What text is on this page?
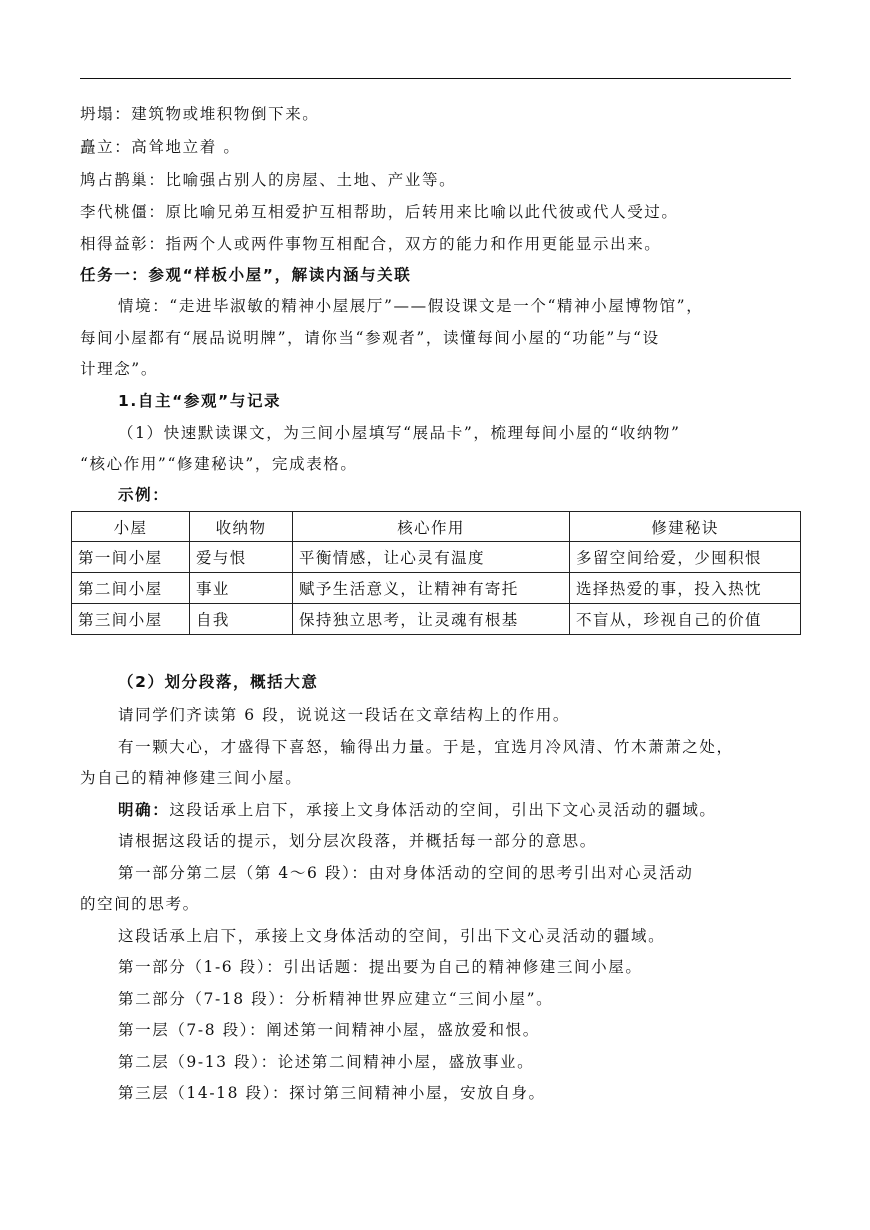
坍塌：建筑物或堆积物倒下来。
矗立：高耸地立着 。
鸠占鹊巢：比喻强占别人的房屋、土地、产业等。
李代桃僵：原比喻兄弟互相爱护互相帮助，后转用来比喻以此代彼或代人受过。
相得益彰：指两个人或两件事物互相配合，双方的能力和作用更能显示出来。
任务一：参观“样板小屋”，解读内涵与关联
情境：“走进毕淑敏的精神小屋展厅”——假设课文是一个“精神小屋博物馆”，
每间小屋都有“展品说明牌”，请你当“参观者”，读懂每间小屋的“功能”与“设
计理念”。
1.自主“参观”与记录
（1）快速默读课文，为三间小屋填写“展品卡”，梳理每间小屋的“收纳物”
“核心作用”“修建秘诀”，完成表格。
示例：
小屋	收纳物	核心作用	修建秘诀
第一间小屋	爱与恨	平衡情感，让心灵有温度	多留空间给爱，少囤积恨
第二间小屋	事业	赋予生活意义，让精神有寄托	选择热爱的事，投入热忱
第三间小屋	自我	保持独立思考，让灵魂有根基	不盲从，珍视自己的价值
（2）划分段落，概括大意
请同学们齐读第 6 段，说说这一段话在文章结构上的作用。
有一颗大心，才盛得下喜怒，输得出力量。于是，宜选月冷风清、竹木萧萧之处，
为自己的精神修建三间小屋。
明确：这段话承上启下，承接上文身体活动的空间，引出下文心灵活动的疆域。
请根据这段话的提示，划分层次段落，并概括每一部分的意思。
第一部分第二层（第 4～6 段）：由对身体活动的空间的思考引出对心灵活动
的空间的思考。
这段话承上启下，承接上文身体活动的空间，引出下文心灵活动的疆域。
第一部分（1-6 段）：引出话题：提出要为自己的精神修建三间小屋。
第二部分（7-18 段）：分析精神世界应建立“三间小屋”。
第一层（7-8 段）：阐述第一间精神小屋，盛放爱和恨。
第二层（9-13 段）：论述第二间精神小屋，盛放事业。
第三层（14-18 段）：探讨第三间精神小屋，安放自身。
